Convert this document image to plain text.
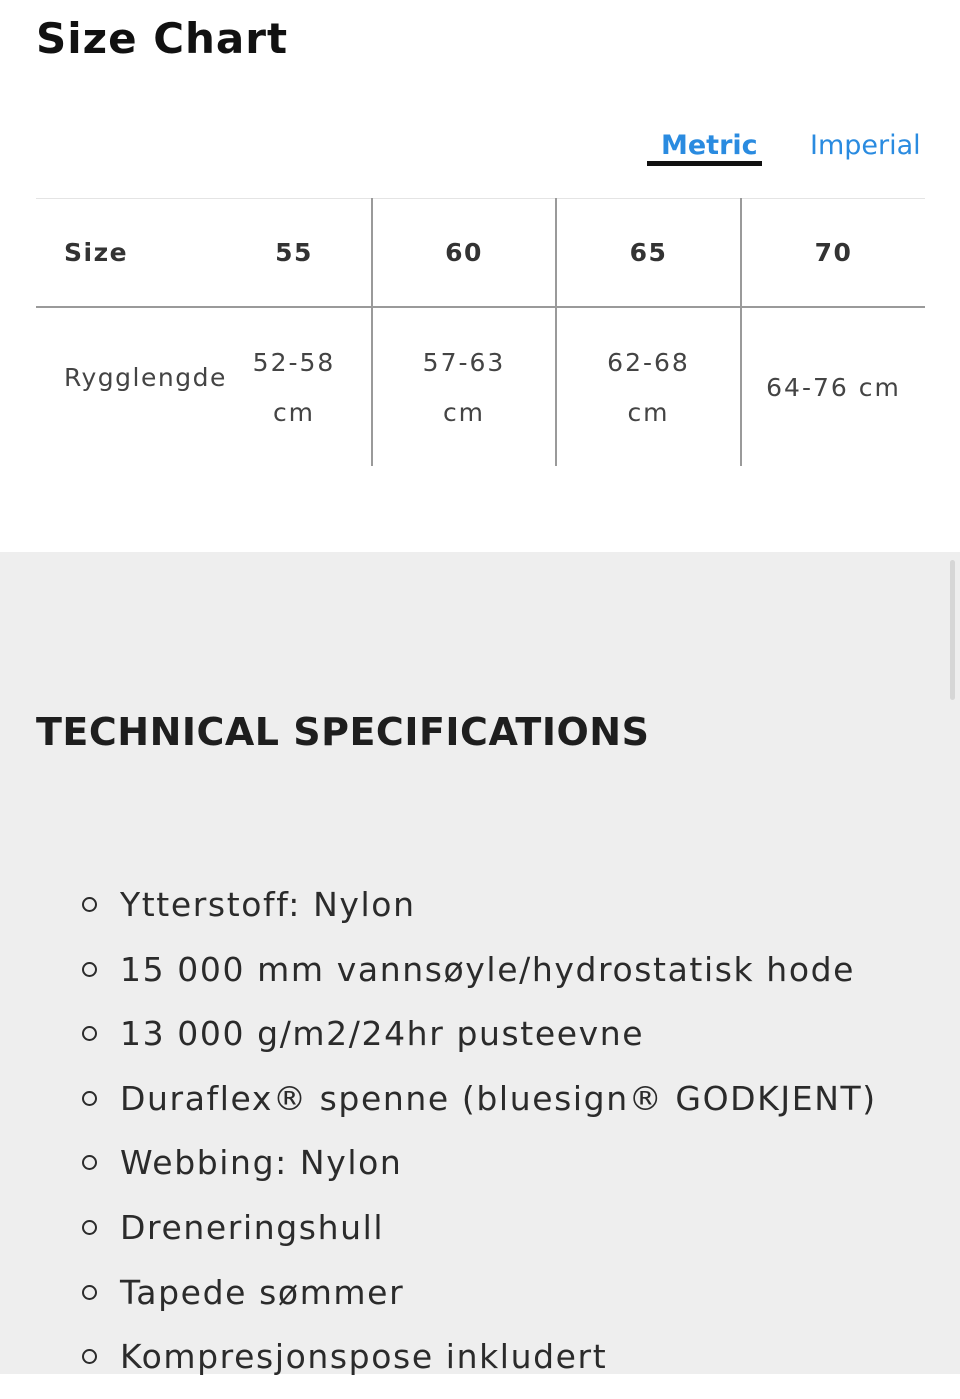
Size Chart
Metric Imperial
Size
Rygglengde
55
52-58
cm
60
57-63
cm
65
62-68
cm
70
64-76 cm
TECHNICAL SPECIFICATIONS
Ytterstoff: Nylon
15 000 mm vannsøyle/hydrostatisk hode
13 000 g/m2/24hr pusteevne
Duraflex® spenne (bluesign® GODKJENT)
Webbing: Nylon
Dreneringshull
Tapede sømmer
Kompresjonspose inkludert
